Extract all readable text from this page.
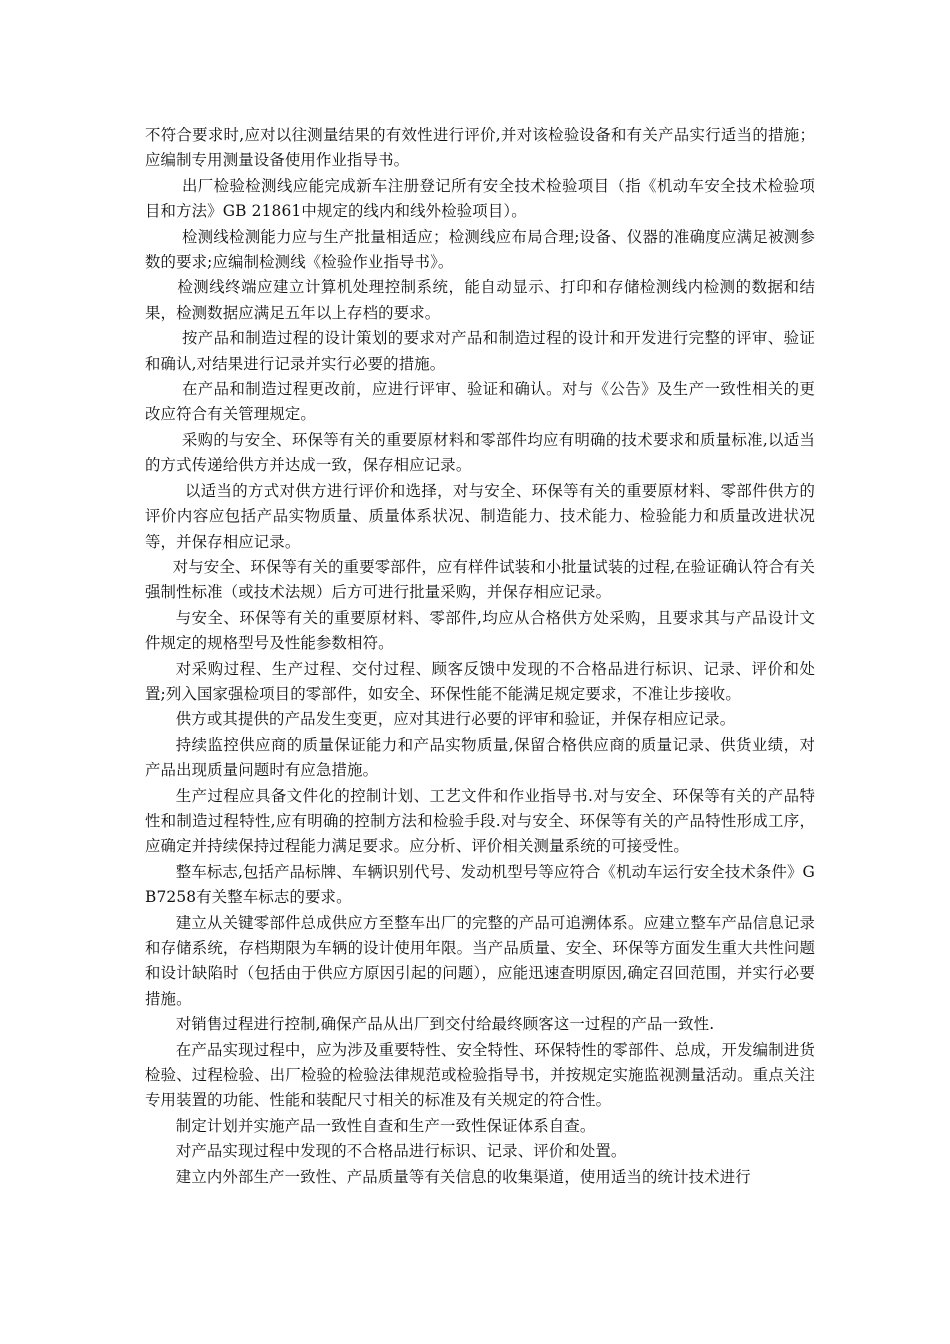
不符合要求时,应对以往测量结果的有效性进行评价,并对该检验设备和有关产品实行适当的措施；应编制专用测量设备使用作业指导书。

出厂检验检测线应能完成新车注册登记所有安全技术检验项目（指《机动车安全技术检验项目和方法》GB 21861中规定的线内和线外检验项目）。

检测线检测能力应与生产批量相适应；检测线应布局合理;设备、仪器的准确度应满足被测参数的要求;应编制检测线《检验作业指导书》。

检测线终端应建立计算机处理控制系统，能自动显示、打印和存储检测线内检测的数据和结果，检测数据应满足五年以上存档的要求。

按产品和制造过程的设计策划的要求对产品和制造过程的设计和开发进行完整的评审、验证和确认,对结果进行记录并实行必要的措施。

在产品和制造过程更改前，应进行评审、验证和确认。对与《公告》及生产一致性相关的更改应符合有关管理规定。

采购的与安全、环保等有关的重要原材料和零部件均应有明确的技术要求和质量标准,以适当的方式传递给供方并达成一致，保存相应记录。

以适当的方式对供方进行评价和选择，对与安全、环保等有关的重要原材料、零部件供方的评价内容应包括产品实物质量、质量体系状况、制造能力、技术能力、检验能力和质量改进状况等，并保存相应记录。

对与安全、环保等有关的重要零部件，应有样件试装和小批量试装的过程,在验证确认符合有关强制性标准（或技术法规）后方可进行批量采购，并保存相应记录。

与安全、环保等有关的重要原材料、零部件,均应从合格供方处采购，且要求其与产品设计文件规定的规格型号及性能参数相符。

对采购过程、生产过程、交付过程、顾客反馈中发现的不合格品进行标识、记录、评价和处置;列入国家强检项目的零部件，如安全、环保性能不能满足规定要求，不准让步接收。

供方或其提供的产品发生变更，应对其进行必要的评审和验证，并保存相应记录。

持续监控供应商的质量保证能力和产品实物质量,保留合格供应商的质量记录、供货业绩，对产品出现质量问题时有应急措施。

生产过程应具备文件化的控制计划、工艺文件和作业指导书.对与安全、环保等有关的产品特性和制造过程特性,应有明确的控制方法和检验手段.对与安全、环保等有关的产品特性形成工序，应确定并持续保持过程能力满足要求。应分析、评价相关测量系统的可接受性。

整车标志,包括产品标牌、车辆识别代号、发动机型号等应符合《机动车运行安全技术条件》GB7258有关整车标志的要求。

建立从关键零部件总成供应方至整车出厂的完整的产品可追溯体系。应建立整车产品信息记录和存储系统，存档期限为车辆的设计使用年限。当产品质量、安全、环保等方面发生重大共性问题和设计缺陷时（包括由于供应方原因引起的问题），应能迅速查明原因,确定召回范围，并实行必要措施。

对销售过程进行控制,确保产品从出厂到交付给最终顾客这一过程的产品一致性.

在产品实现过程中，应为涉及重要特性、安全特性、环保特性的零部件、总成，开发编制进货检验、过程检验、出厂检验的检验法律规范或检验指导书，并按规定实施监视测量活动。重点关注专用装置的功能、性能和装配尺寸相关的标准及有关规定的符合性。

制定计划并实施产品一致性自查和生产一致性保证体系自查。

对产品实现过程中发现的不合格品进行标识、记录、评价和处置。

建立内外部生产一致性、产品质量等有关信息的收集渠道，使用适当的统计技术进行
